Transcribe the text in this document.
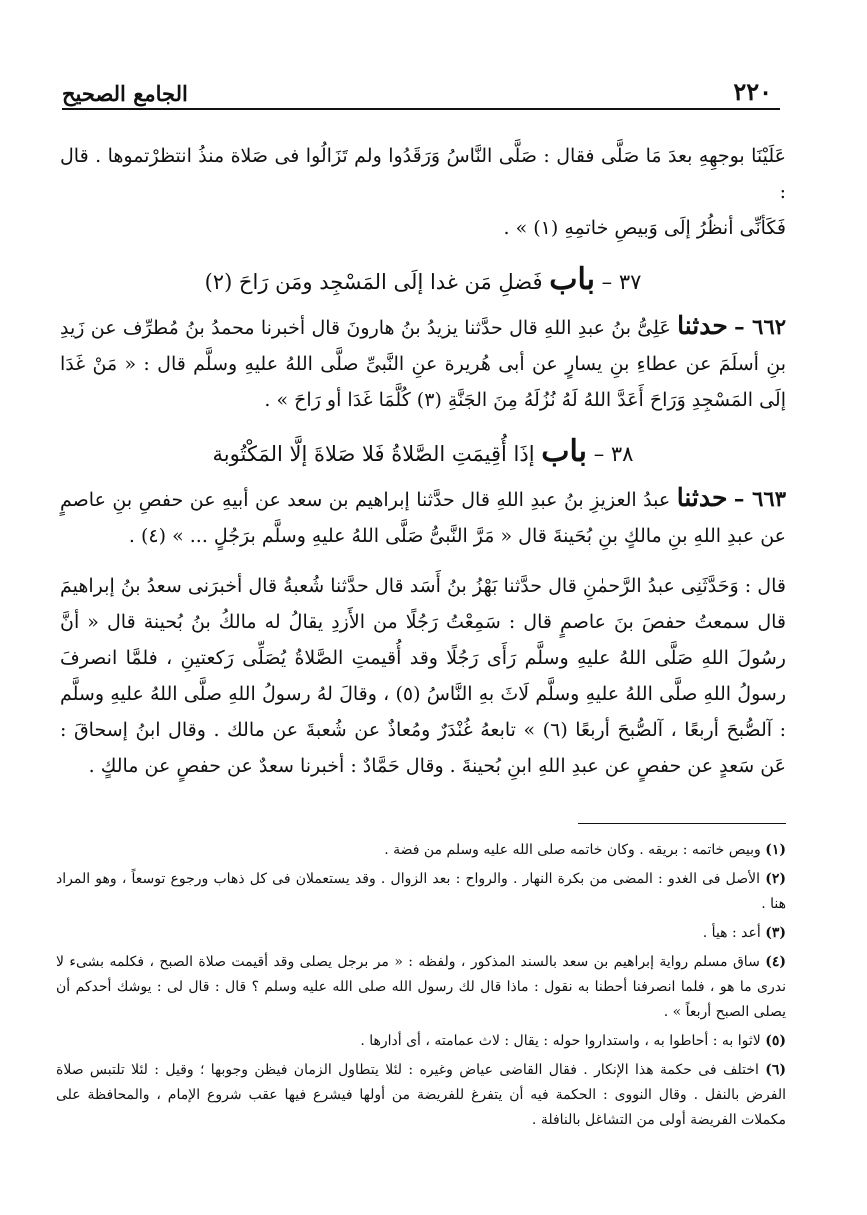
٢٢٠
الجامع الصحيح

عَلَيْنَا بوجهِهِ بعدَ مَا صَلَّى فقال : صَلَّى النَّاسُ وَرَقَدُوا ولم تَزَالُوا فى صَلاة منذُ انتظرْتموها . قال :

فَكَأنِّى أنظُرُ إلَى وَبيصِ خاتمِهِ (١) » .

٣٧ – باب فَضلِ مَن غدا إلَى المَسْجِد ومَن رَاحَ (٢)

٦٦٢ – حدثنا عَلِىُّ بنُ عبدِ اللهِ قال حدَّثنا يزيدُ بنُ هارونَ قال أخبرنا محمدُ بنُ مُطرِّف عن زَيدِ بنِ أسلَمَ عن عطاءِ بنِ يسارٍ عن أبى هُريرة عنِ النَّبىِّ صلَّى اللهُ عليهِ وسلَّم قال : « مَنْ غَدَا إلَى المَسْجِدِ وَرَاحَ أَعَدَّ اللهُ لَهُ نُزُلَهُ مِنَ الجَنَّةِ (٣) كُلَّمَا غَدَا أو رَاحَ » .

٣٨ – باب إذَا أُقِيمَتِ الصَّلاةُ فَلا صَلاةَ إلَّا المَكْتُوبة

٦٦٣ – حدثنا عبدُ العزيزِ بنُ عبدِ اللهِ قال حدَّثنا إبراهيم بن سعد عن أبيهِ عن حفصِ بنِ عاصمٍ عن عبدِ اللهِ بنِ مالكٍ بنِ بُحَينةَ قال « مَرَّ النَّبىُّ صَلَّى اللهُ عليهِ وسلَّم برَجُلٍ ... » (٤) .

قال : وَحَدَّثَنِى عبدُ الرَّحمٰنِ قال حدَّثنا بَهْزُ بنُ أَسَد قال حدَّثنا شُعبةُ قال أخبرَنى سعدُ بنُ إبراهيمَ قال سمعتُ حفصَ بنَ عاصمٍ قال : سَمِعْتُ رَجُلًا من الأَزدِ يقالُ له مالكُ بنُ بُحينة قال « أنَّ رسُولَ اللهِ صَلَّى اللهُ عليهِ وسلَّم رَأَى رَجُلًا وقد أُقيمتِ الصَّلاةُ يُصَلِّى رَكعتينِ ، فلمَّا انصرفَ رسولُ اللهِ صلَّى اللهُ عليهِ وسلَّم لَاثَ بهِ النَّاسُ (٥) ، وقالَ لهُ رسولُ اللهِ صلَّى اللهُ عليهِ وسلَّم : آلصُّبحَ أربعًا ، آلصُّبحَ أربعًا (٦) » تابعهُ غُنْدَرٌ ومُعاذٌ عن شُعبةَ عن مالك . وقال ابنُ إسحاقَ : عَن سَعدٍ عن حفصٍ عن عبدِ اللهِ ابنِ بُحينةَ . وقال حَمَّادٌ : أخبرنا سعدٌ عن حفصٍ عن مالكٍ .

(١) وبيص خاتمه : بريقه . وكان خاتمه صلى الله عليه وسلم من فضة .

(٢) الأصل فى الغدو : المضى من بكرة النهار . والرواح : بعد الزوال . وقد يستعملان فى كل ذهاب ورجوع توسعاً ، وهو المراد هنا .

(٣) أعد : هيأ .

(٤) ساق مسلم رواية إبراهيم بن سعد بالسند المذكور ، ولفظه : « مر برجل يصلى وقد أقيمت صلاة الصبح ، فكلمه بشىء لا ندرى ما هو ، فلما انصرفنا أحطنا به نقول : ماذا قال لك رسول الله صلى الله عليه وسلم ؟ قال : قال لى : يوشك أحدكم أن يصلى الصبح أربعاً » .

(٥) لاثوا به : أحاطوا به ، واستداروا حوله : يقال : لاث عمامته ، أى أدارها .

(٦) اختلف فى حكمة هذا الإنكار . فقال القاضى عياض وغيره : لئلا يتطاول الزمان فيظن وجوبها ؛ وقيل : لئلا تلتبس صلاة الفرض بالنفل . وقال النووى : الحكمة فيه أن يتفرغ للفريضة من أولها فيشرع فيها عقب شروع الإمام ، والمحافظة على مكملات الفريضة أولى من التشاغل بالنافلة .
